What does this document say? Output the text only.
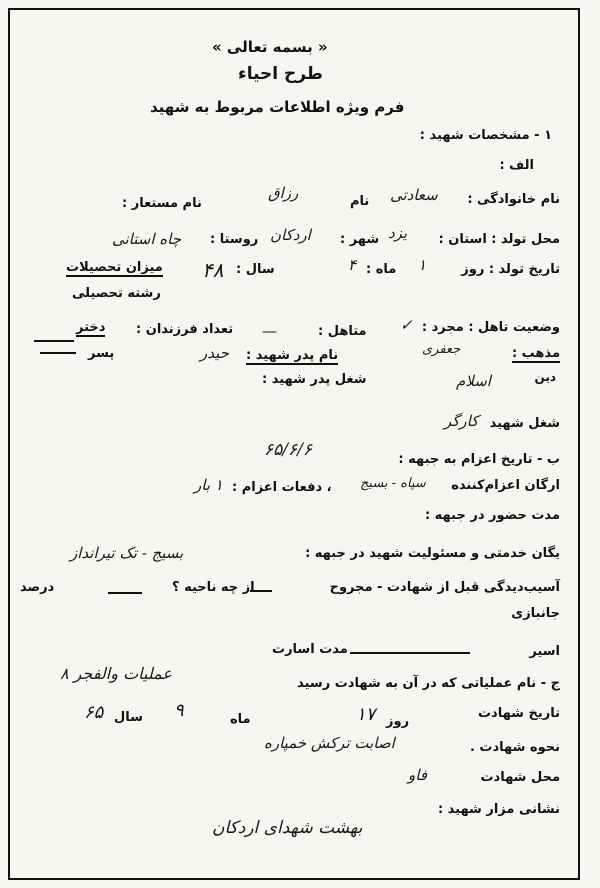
« بسمه تعالی »
طرح احیاء
فرم ویژه اطلاعات مربوط به شهید
۱ - مشخصات شهید :
الف :
نام خانوادگی :
سعادتی
نام
رزاق
نام مستعار :
محل تولد : استان :
یزد
شهر :
اردکان
روستا :
چاه استانی
تاریخ تولد : روز
۱
ماه :
۴
سال :
۴۸
میزان تحصیلات
رشته تحصیلی
وضعیت تاهل : مجرد :
✓
متاهل :
—
تعداد فرزندان :
دختر
پسر	مذهب :
جعفری
نام پدر شهید :
حیدر
دین
اسلام
شغل پدر شهید :
شغل شهید
کارگر
ب - تاریخ اعزام به جبهه :
۶۵/۶/۶
ارگان اعزام‌کننده
سپاه - بسیج
، دفعات اعزام :
۱ بار
مدت حضور در جبهه :
یگان خدمتی و مسئولیت شهید در جبهه :
بسیج - تک تیرانداز
آسیب‌دیدگی قبل از شهادت - مجروح
از چه ناحیه ؟
درصد
جانبازی
اسیر
مدت اسارت
ج - نام عملیاتی که در آن به شهادت رسید
عملیات والفجر ۸
تاریخ شهادت
روز
۱۷
ماه
۹
سال
۶۵
نحوه شهادت .
اصابت ترکش خمپاره
محل شهادت
فاو
نشانی مزار شهید :
بهشت شهدای اردکان
